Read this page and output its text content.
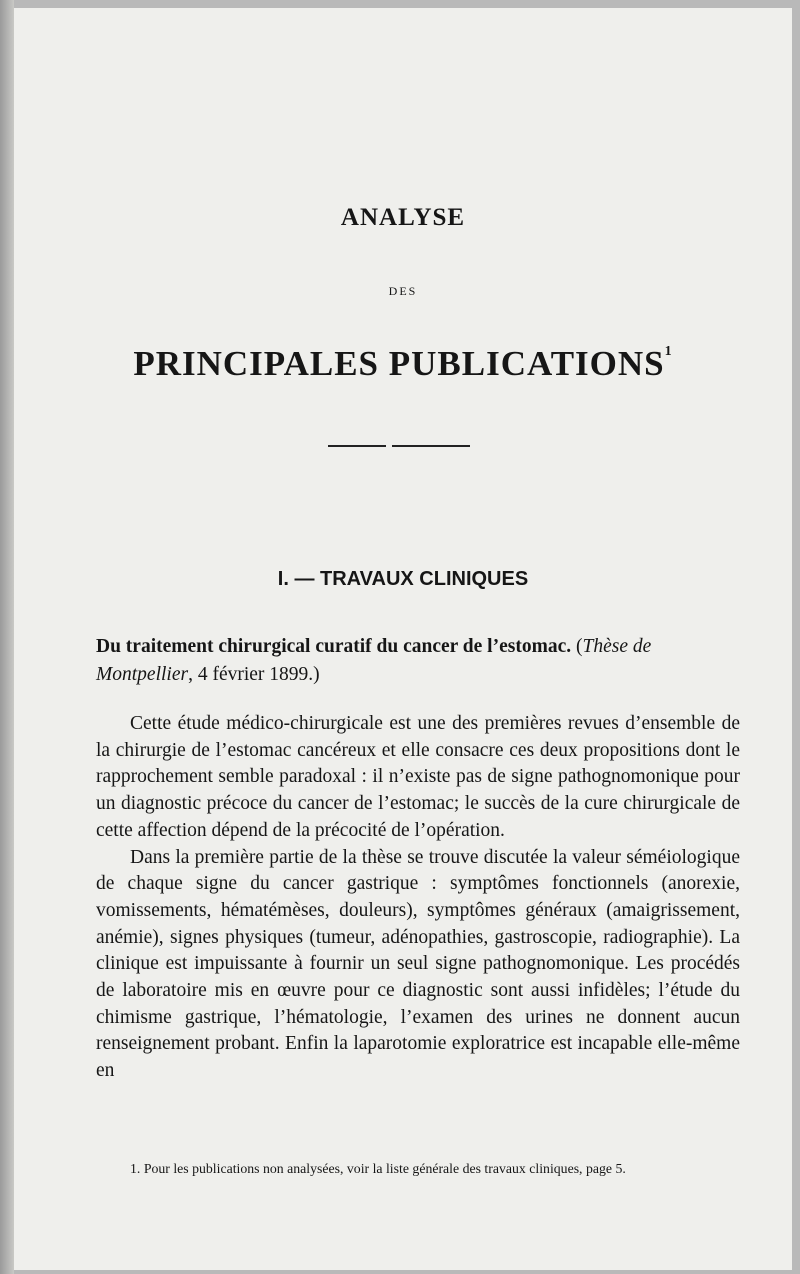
ANALYSE
DES
PRINCIPALES PUBLICATIONS$^1$
I. — TRAVAUX CLINIQUES
Du traitement chirurgical curatif du cancer de l’estomac. (Thèse de Montpellier, 4 février 1899.)

Cette étude médico-chirurgicale est une des premières revues d’ensemble de la chirurgie de l’estomac cancéreux et elle consacre ces deux propositions dont le rapprochement semble paradoxal : il n’existe pas de signe pathognomonique pour un diagnostic précoce du cancer de l’estomac; le succès de la cure chirurgicale de cette affection dépend de la précocité de l’opération.

Dans la première partie de la thèse se trouve discutée la valeur séméiologique de chaque signe du cancer gastrique : symptômes fonctionnels (anorexie, vomissements, hématémèses, douleurs), symptômes généraux (amaigrissement, anémie), signes physiques (tumeur, adénopathies, gastroscopie, radiographie). La clinique est impuissante à fournir un seul signe pathognomonique. Les procédés de laboratoire mis en œuvre pour ce diagnostic sont aussi infidèles; l’étude du chimisme gastrique, l’hématologie, l’examen des urines ne donnent aucun renseignement probant. Enfin la laparotomie exploratrice est incapable elle-même en

1. Pour les publications non analysées, voir la liste générale des travaux cliniques, page 5.
